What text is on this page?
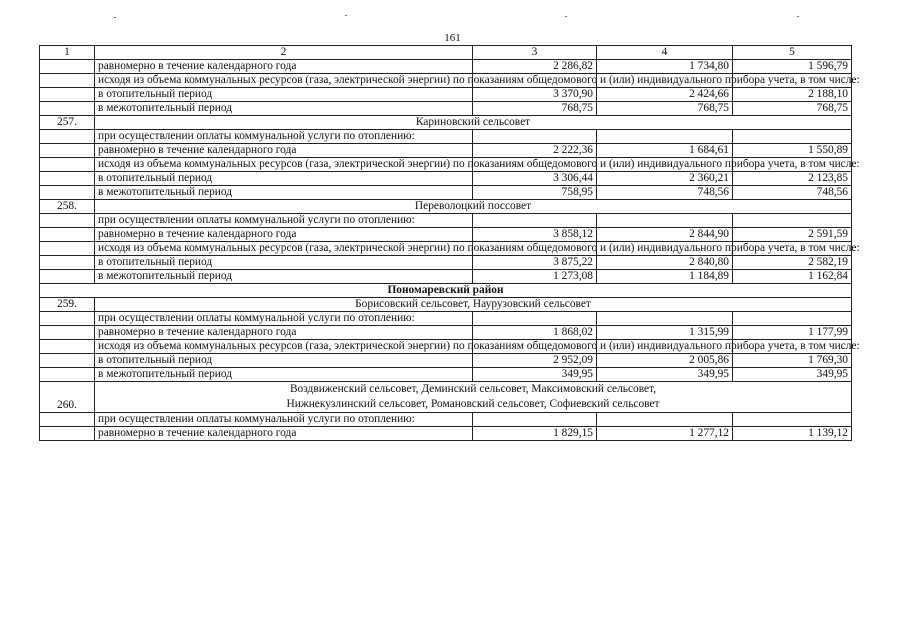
161
1	2	3	4	5
	равномерно в течение календарного года	2 286,82	1 734,80	1 596,79
	исходя из объема коммунальных ресурсов (газа, электрической энергии) по показаниям общедомового и (или) индивидуального прибора учета, в том числе:			
	в отопительный период	3 370,90	2 424,66	2 188,10
	в межотопительный период	768,75	768,75	768,75
257.	Кариновский сельсовет			
	при осуществлении оплаты коммунальной услуги по отоплению:			
	равномерно в течение календарного года	2 222,36	1 684,61	1 550,89
	исходя из объема коммунальных ресурсов (газа, электрической энергии) по показаниям общедомового и (или) индивидуального прибора учета, в том числе:			
	в отопительный период	3 306,44	2 360,21	2 123,85
	в межотопительный период	758,95	748,56	748,56
258.	Переволоцкий поссовет			
	при осуществлении оплаты коммунальной услуги по отоплению:			
	равномерно в течение календарного года	3 858,12	2 844,90	2 591,59
	исходя из объема коммунальных ресурсов (газа, электрической энергии) по показаниям общедомового и (или) индивидуального прибора учета, в том числе:			
	в отопительный период	3 875,22	2 840,80	2 582,19
	в межотопительный период	1 273,08	1 184,89	1 162,84
Пономаревский район				
259.	Борисовский сельсовет, Наурузовский сельсовет			
	при осуществлении оплаты коммунальной услуги по отоплению:			
	равномерно в течение календарного года	1 868,02	1 315,99	1 177,99
	исходя из объема коммунальных ресурсов (газа, электрической энергии) по показаниям общедомового и (или) индивидуального прибора учета, в том числе:			
	в отопительный период	2 952,09	2 005,86	1 769,30
	в межотопительный период	349,95	349,95	349,95
260.	Воздвиженский сельсовет, Деминский сельсовет, Максимовский сельсовет, Нижнекузлинский сельсовет, Романовский сельсовет, Софиевский сельсовет			
	при осуществлении оплаты коммунальной услуги по отоплению:			
	равномерно в течение календарного года	1 829,15	1 277,12	1 139,12
